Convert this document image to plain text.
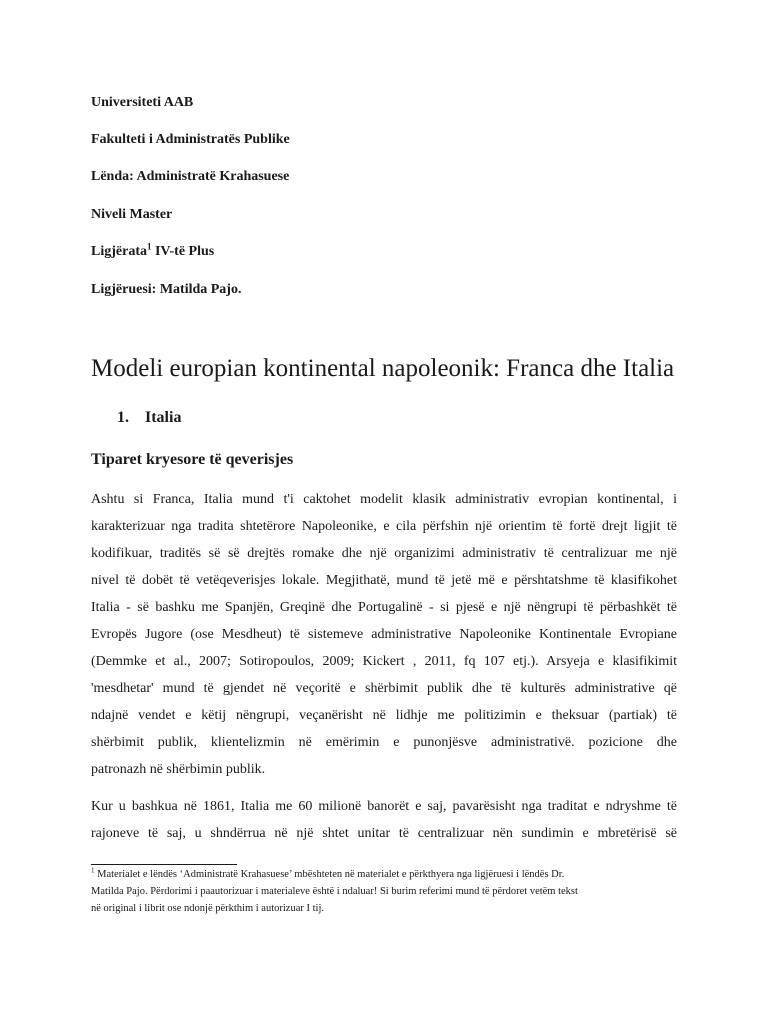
Universiteti AAB
Fakulteti i Administratës Publike
Lënda: Administratë Krahasuese
Niveli Master
Ligjërata$^1$ IV-të Plus
Ligjëruesi: Matilda Pajo.
Modeli europian kontinental napoleonik: Franca dhe Italia
1. Italia
Tiparet kryesore të qeverisjes
Ashtu si Franca, Italia mund t'i caktohet modelit klasik administrativ evropian kontinental, i
karakterizuar nga tradita shtetërore Napoleonike, e cila përfshin një orientim të fortë drejt ligjit të
kodifikuar, traditës së së drejtës romake dhe një organizimi administrativ të centralizuar me një
nivel të dobët të vetëqeverisjes lokale. Megjithatë, mund të jetë më e përshtatshme të klasifikohet
Italia - së bashku me Spanjën, Greqinë dhe Portugalinë - si pjesë e një nëngrupi të përbashkët të
Evropës Jugore (ose Mesdheut) të sistemeve administrative Napoleonike Kontinentale Evropiane
(Demmke et al., 2007; Sotiropoulos, 2009; Kickert , 2011, fq 107 etj.). Arsyeja e klasifikimit
'mesdhetar' mund të gjendet në veçoritë e shërbimit publik dhe të kulturës administrative që
ndajnë vendet e këtij nëngrupi, veçanërisht në lidhje me politizimin e theksuar (partiak) të
shërbimit publik, klientelizmin në emërimin e punonjësve administrativë. pozicione dhe
patronazh në shërbimin publik.
Kur u bashkua në 1861, Italia me 60 milionë banorët e saj, pavarësisht nga traditat e ndryshme të
rajoneve të saj, u shndërrua në një shtet unitar të centralizuar nën sundimin e mbretërisë së
$^1$ Materialet e lëndës ‘Administratë Krahasuese’ mbështeten në materialet e përkthyera nga ligjëruesi i lëndës Dr.
Matilda Pajo. Përdorimi i paautorizuar i materialeve është i ndaluar! Si burim referimi mund të përdoret vetëm tekst
në original i librit ose ndonjë përkthim i autorizuar I tij.
